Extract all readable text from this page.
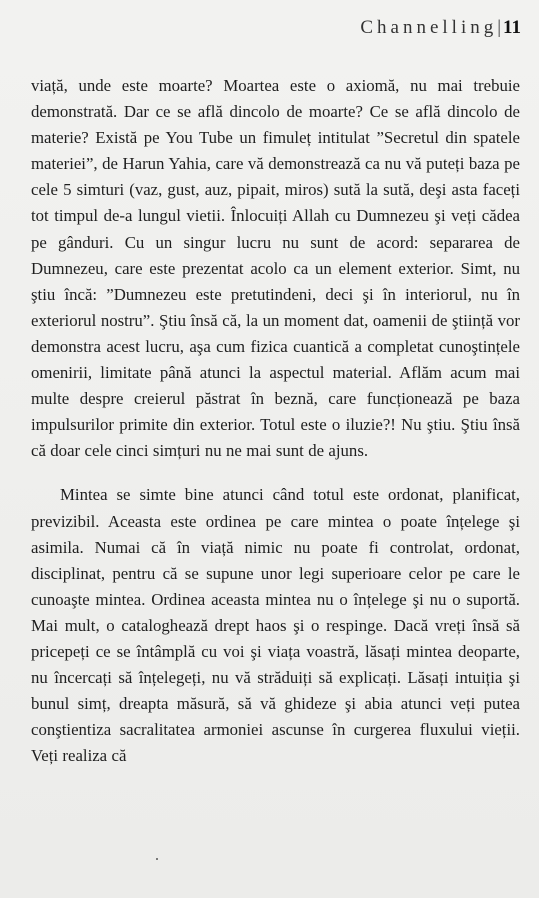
Channelling| 11

viață, unde este moarte? Moartea este o axiomă, nu mai trebuie demonstrată. Dar ce se află dincolo de moarte? Ce se află dincolo de materie? Există pe You Tube un fimuleț intitulat ”Secretul din spatele materiei”, de Harun Yahia, care vă demonstrează ca nu vă puteți baza pe cele 5 simturi (vaz, gust, auz, pipait, miros) sută la sută, deşi asta faceți tot timpul de-a lungul vietii. Înlocuiți Allah cu Dumnezeu şi veți cădea pe gânduri. Cu un singur lucru nu sunt de acord: separarea de Dumnezeu, care este prezentat acolo ca un element exterior. Simt, nu ştiu încă: ”Dumnezeu este pretutindeni, deci şi în interiorul, nu în exteriorul nostru”. Ştiu însă că, la un moment dat, oamenii de ştiință vor demonstra acest lucru, aşa cum fizica cuantică a completat cunoştințele omenirii, limitate până atunci la aspectul material. Aflăm acum mai multe despre creierul păstrat în beznă, care funcționează pe baza impulsurilor primite din exterior. Totul este o iluzie?! Nu ştiu. Ştiu însă că doar cele cinci simțuri nu ne mai sunt de ajuns.

Mintea se simte bine atunci când totul este ordonat, planificat, previzibil. Aceasta este ordinea pe care mintea o poate înțelege şi asimila. Numai că în viață nimic nu poate fi controlat, ordonat, disciplinat, pentru că se supune unor legi superioare celor pe care le cunoaşte mintea. Ordinea aceasta mintea nu o înțelege şi nu o suportă. Mai mult, o cataloghează drept haos şi o respinge. Dacă vreți însă să pricepeți ce se întâmplă cu voi şi viața voastră, lăsați mintea deoparte, nu încercați să înțelegeți, nu vă străduiți să explicați. Lăsați intuiția şi bunul simț, dreapta măsură, să vă ghideze şi abia atunci veți putea conştientiza sacralitatea armoniei ascunse în curgerea fluxului vieții. Veți realiza că
